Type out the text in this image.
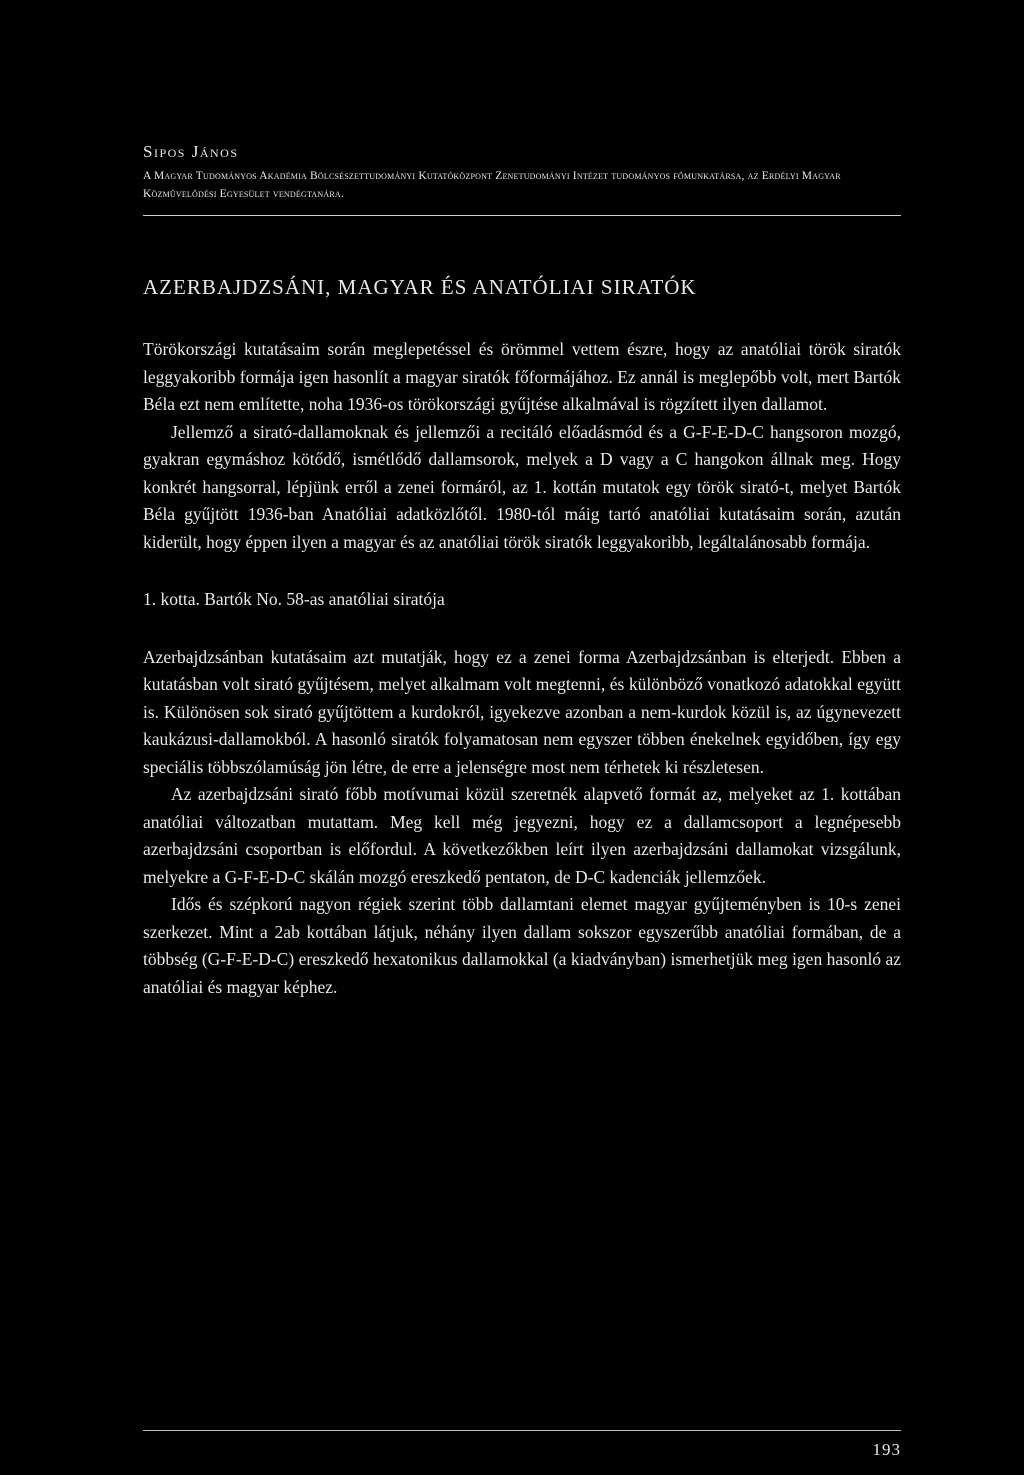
Sipos János

A Magyar Tudományos Akadémia Bölcsészettudományi Kutatóközpont Zenetudományi Intézet tudományos főmunkatársa, az Erdélyi Magyar Közművelődési Egyesület vendégtanára.

AZERBAJDZSÁNI, MAGYAR ÉS ANATÓLIAI SIRATÓK

Törökországi kutatásaim során meglepetéssel és örömmel vettem észre, hogy az anatóliai török siratók leggyakoribb formája igen hasonlít a magyar siratók főformájához. Ez annál is meglepőbb volt, mert Bartók Béla ezt nem említette, noha 1936-os törökországi gyűjtése alkalmával is rögzített ilyen dallamot.

Jellemző a sirató-dallamoknak és jellemzői a recitáló előadásmód és a G-F-E-D-C hangsoron mozgó, gyakran egymáshoz kötődő, ismétlődő dallamsorok, melyek a D vagy a C hangokon állnak meg. Hogy konkrét hangsorral, lépjünk erről a zenei formáról, az 1. kottán mutatok egy török sirató-t, melyet Bartók Béla gyűjtött 1936-ban Anatóliai adatközlőtől. 1980-tól máig tartó anatóliai kutatásaim során, azután kiderült, hogy éppen ilyen a magyar és az anatóliai török siratók leggyakoribb, legáltalánosabb formája.

1. kotta. Bartók No. 58-as anatóliai siratója

Azerbajdzsánban kutatásaim azt mutatják, hogy ez a zenei forma Azerbajdzsánban is elterjedt. Ebben a kutatásban volt sirató gyűjtésem, melyet alkalmam volt megtenni, és különböző vonatkozó adatokkal együtt is. Különösen sok sirató gyűjtöttem a kurdokról, igyekezve azonban a nem-kurdok közül is, az úgynevezett kaukázusi-dallamokból. A hasonló siratók folyamatosan nem egyszer többen énekelnek egyidőben, így egy speciális többszólamúság jön létre, de erre a jelenségre most nem térhetek ki részletesen.

Az azerbajdzsáni sirató főbb motívumai közül szeretnék alapvető formát az, melyeket az 1. kottában anatóliai változatban mutattam. Meg kell még jegyezni, hogy ez a dallamcsoport a legnépesebb azerbajdzsáni csoportban is előfordul. A következőkben leírt ilyen azerbajdzsáni dallamokat vizsgálunk, melyekre a G-F-E-D-C skálán mozgó ereszkedő pentaton, de D-C kadenciák jellemzőek.

Idős és szépkorú nagyon régiek szerint több dallamtani elemet magyar gyűjteményben is 10-s zenei szerkezet. Mint a 2ab kottában látjuk, néhány ilyen dallam sokszor egyszerűbb anatóliai formában, de a többség (G-F-E-D-C) ereszkedő hexatonikus dallamokkal (a kiadványban) ismerhetjük meg igen hasonló az anatóliai és magyar képhez.

193
